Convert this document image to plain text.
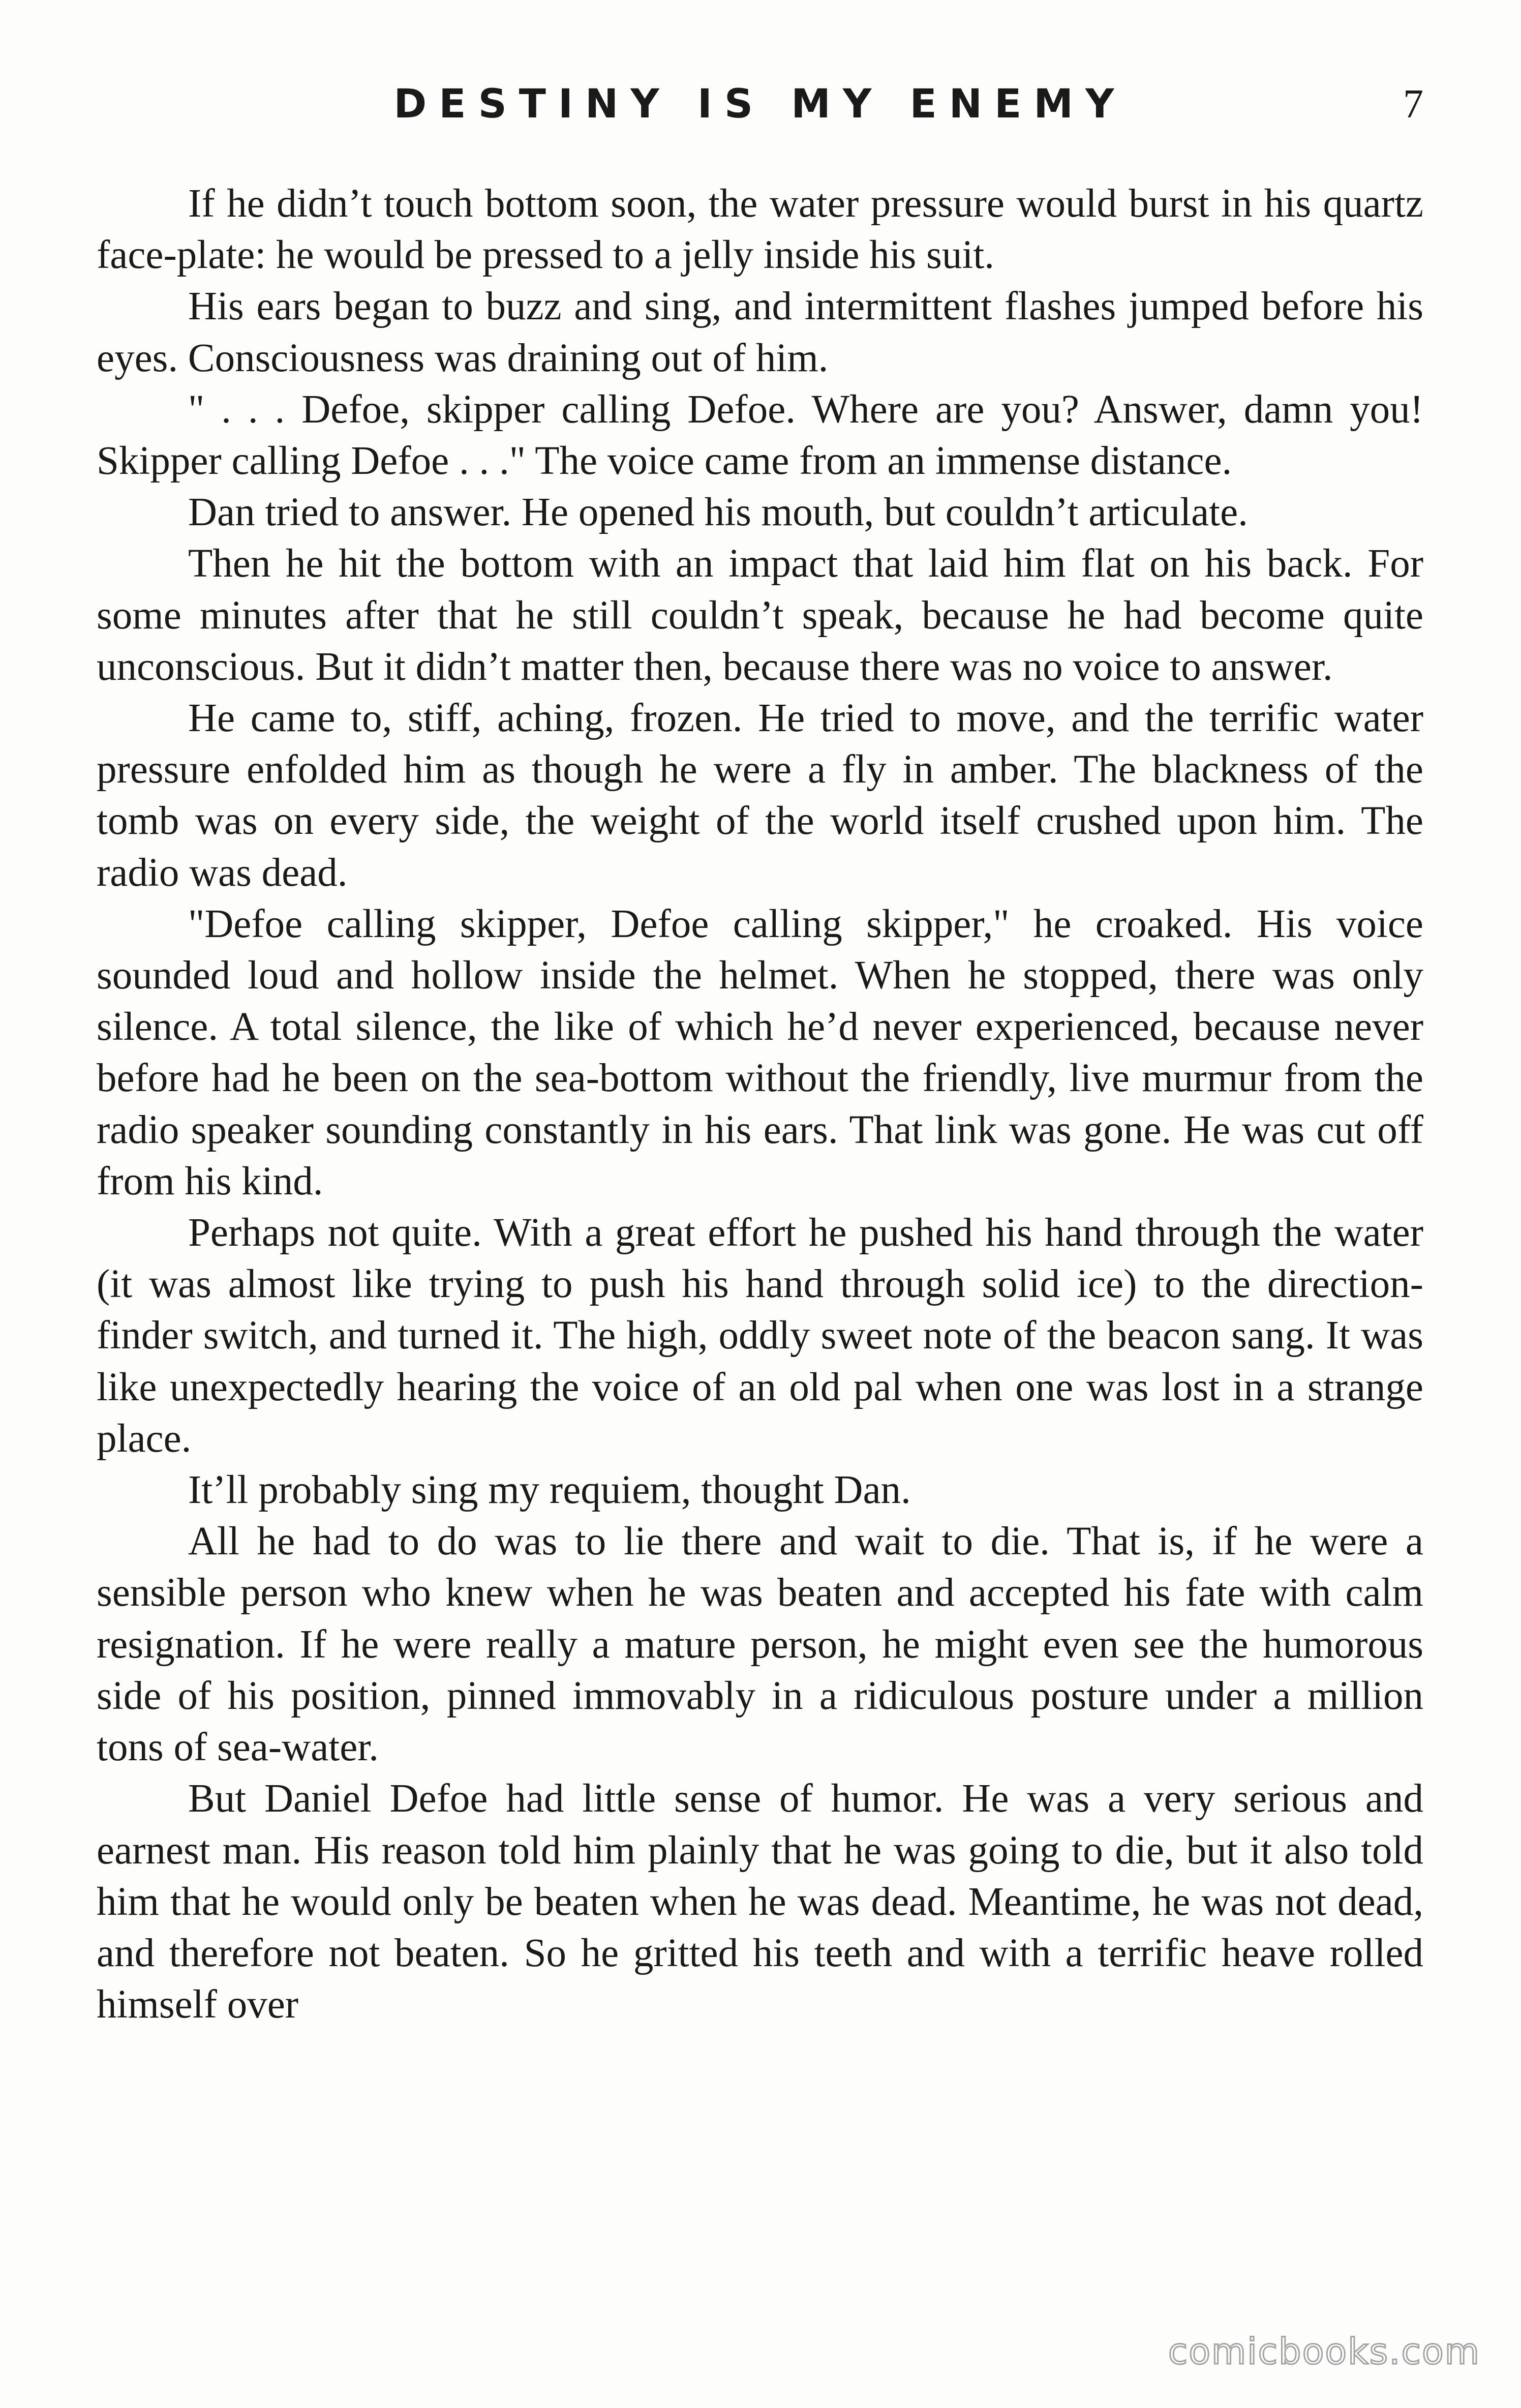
DESTINY IS MY ENEMY	7

If he didn’t touch bottom soon, the water pressure would burst in his quartz face-plate: he would be pressed to a jelly inside his suit.

His ears began to buzz and sing, and intermittent flashes jumped before his eyes. Consciousness was draining out of him.

" . . . Defoe, skipper calling Defoe. Where are you? Answer, damn you! Skipper calling Defoe . . ." The voice came from an immense distance.

Dan tried to answer. He opened his mouth, but couldn’t articulate.

Then he hit the bottom with an impact that laid him flat on his back. For some minutes after that he still couldn’t speak, because he had become quite unconscious. But it didn’t matter then, because there was no voice to answer.

He came to, stiff, aching, frozen. He tried to move, and the terrific water pressure enfolded him as though he were a fly in amber. The blackness of the tomb was on every side, the weight of the world itself crushed upon him. The radio was dead.

"Defoe calling skipper, Defoe calling skipper," he croaked. His voice sounded loud and hollow inside the helmet. When he stopped, there was only silence. A total silence, the like of which he’d never experienced, because never before had he been on the sea-bottom without the friendly, live murmur from the radio speaker sounding constantly in his ears. That link was gone. He was cut off from his kind.

Perhaps not quite. With a great effort he pushed his hand through the water (it was almost like trying to push his hand through solid ice) to the direction-finder switch, and turned it. The high, oddly sweet note of the beacon sang. It was like unexpectedly hearing the voice of an old pal when one was lost in a strange place.

It’ll probably sing my requiem, thought Dan.

All he had to do was to lie there and wait to die. That is, if he were a sensible person who knew when he was beaten and accepted his fate with calm resignation. If he were really a mature person, he might even see the humorous side of his position, pinned immovably in a ridiculous posture under a million tons of sea-water.

But Daniel Defoe had little sense of humor. He was a very serious and earnest man. His reason told him plainly that he was going to die, but it also told him that he would only be beaten when he was dead. Meantime, he was not dead, and therefore not beaten. So he gritted his teeth and with a terrific heave rolled himself over

comicbooks.com
